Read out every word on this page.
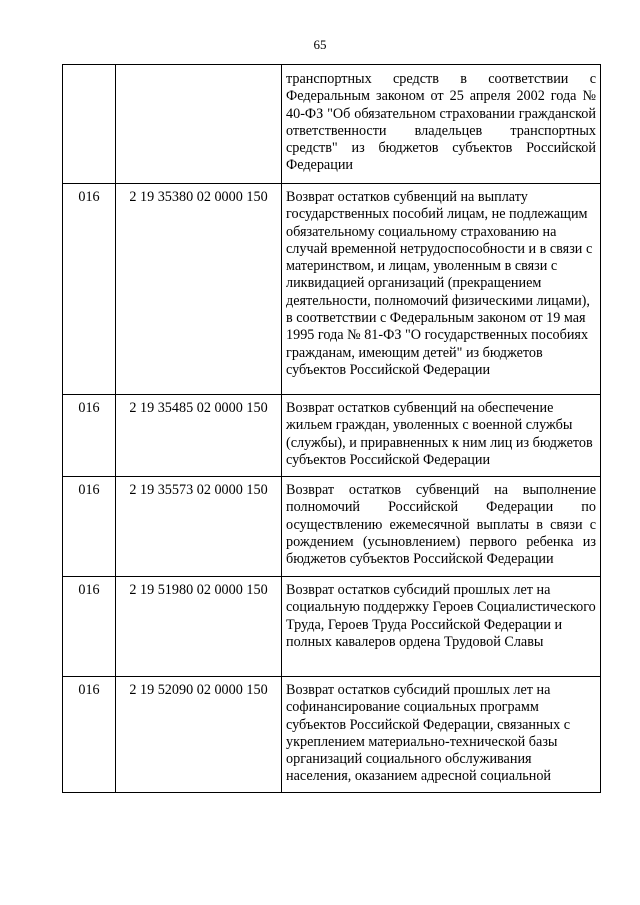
65
		транспортных средств в соответствии с Федеральным законом от 25 апреля 2002 года № 40-ФЗ "Об обязательном страховании гражданской ответственности владельцев транспортных средств" из бюджетов субъектов Российской Федерации
016	2 19 35380 02 0000 150	Возврат остатков субвенций на выплату государственных пособий лицам, не подлежащим обязательному социальному страхованию на случай временной нетрудоспособности и в связи с материнством, и лицам, уволенным в связи с ликвидацией организаций (прекращением деятельности, полномочий физическими лицами), в соответствии с Федеральным законом от 19 мая 1995 года № 81-ФЗ "О государственных пособиях гражданам, имеющим детей" из бюджетов субъектов Российской Федерации
016	2 19 35485 02 0000 150	Возврат остатков субвенций на обеспечение жильем граждан, уволенных с военной службы (службы), и приравненных к ним лиц из бюджетов субъектов Российской Федерации
016	2 19 35573 02 0000 150	Возврат остатков субвенций на выполнение полномочий Российской Федерации по осуществлению ежемесячной выплаты в связи с рождением (усыновлением) первого ребенка из бюджетов субъектов Российской Федерации
016	2 19 51980 02 0000 150	Возврат остатков субсидий прошлых лет на социальную поддержку Героев Социалистического Труда, Героев Труда Российской Федерации и полных кавалеров ордена Трудовой Славы
016	2 19 52090 02 0000 150	Возврат остатков субсидий прошлых лет на софинансирование социальных программ субъектов Российской Федерации, связанных с укреплением материально-технической базы организаций социального обслуживания населения, оказанием адресной социальной
